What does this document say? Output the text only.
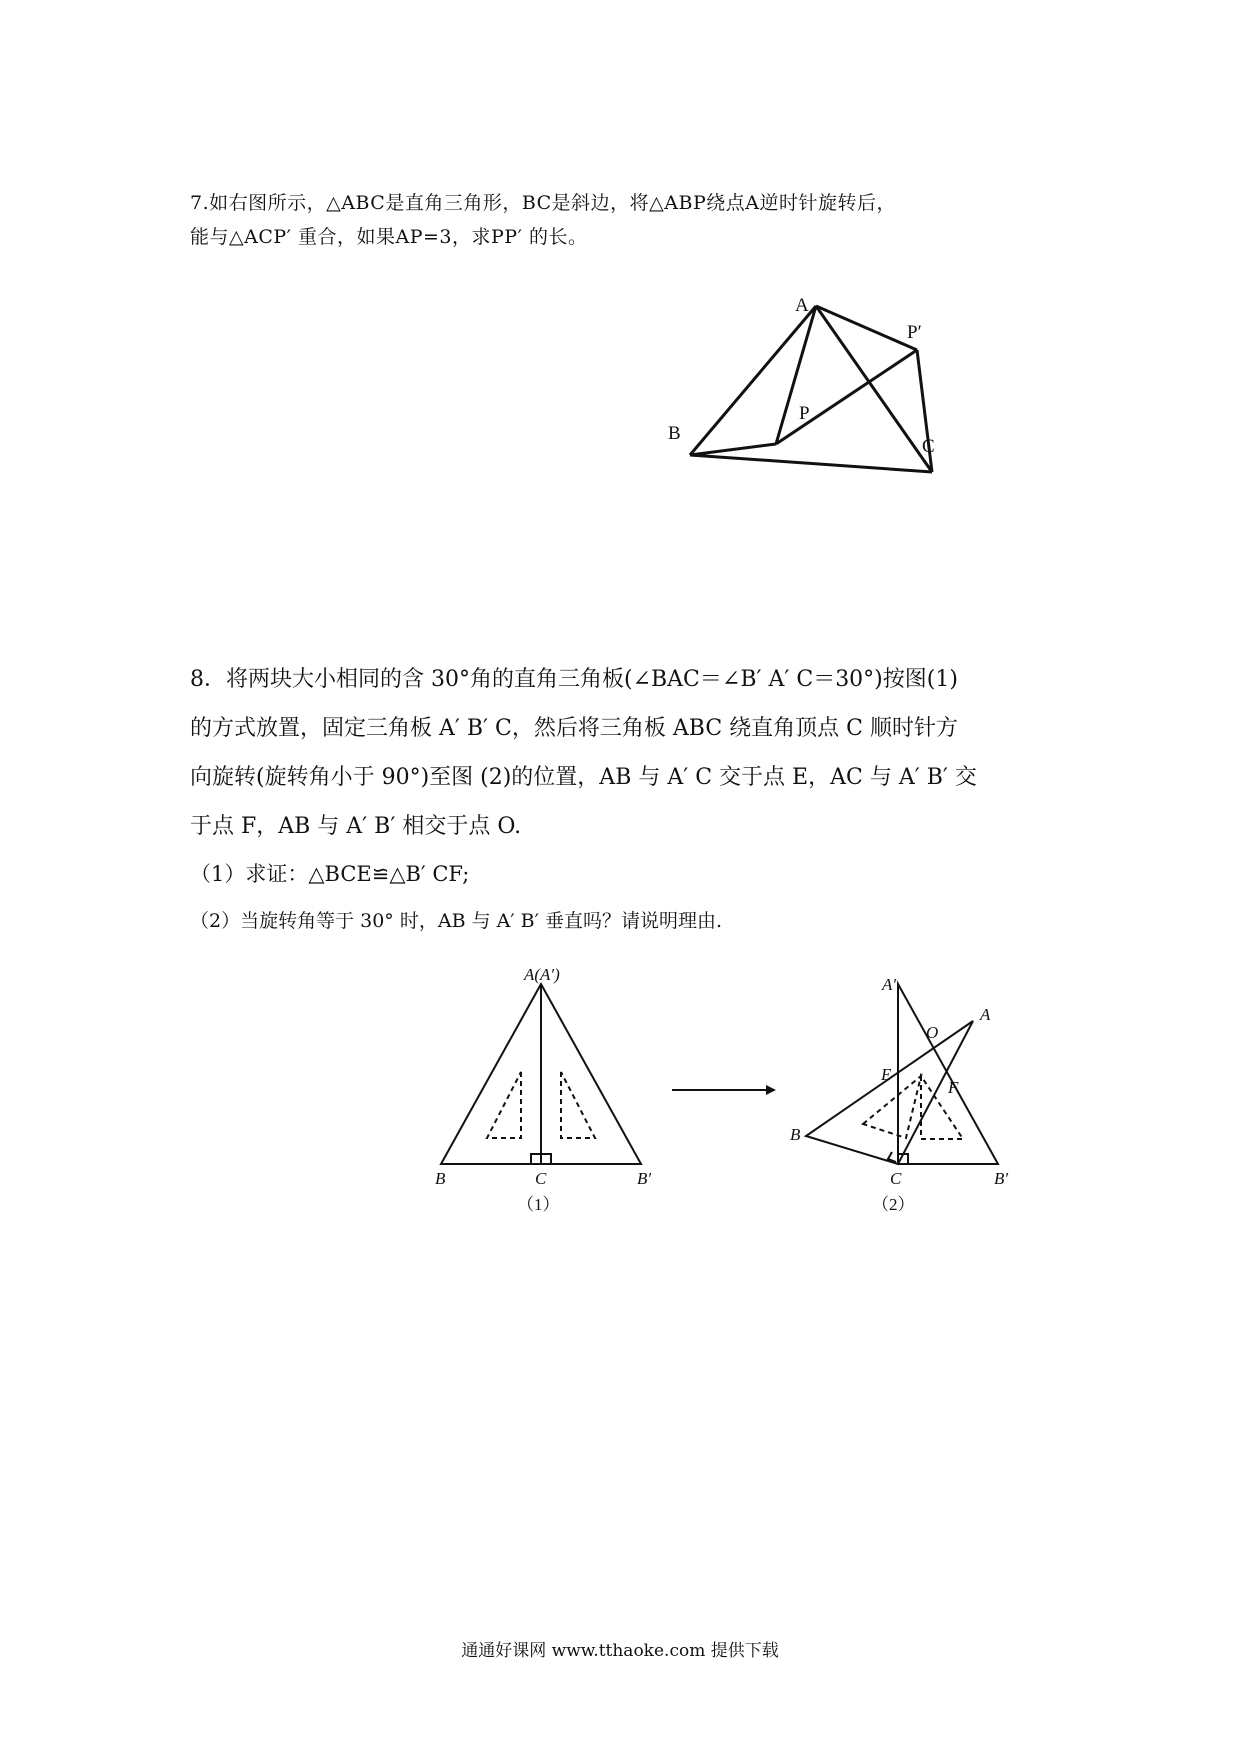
7.如右图所示，△ABC是直角三角形，BC是斜边，将△ABP绕点A逆时针旋转后，
能与△ACP′ 重合，如果AP=3，求PP′ 的长。
A
P′
P
B
C
8．将两块大小相同的含 30°角的直角三角板(∠BAC＝∠B′ A′ C＝30°)按图(1)
的方式放置，固定三角板 A′ B′ C，然后将三角板 ABC 绕直角顶点 C 顺时针方
向旋转(旋转角小于 90°)至图 (2)的位置，AB 与 A′ C 交于点 E，AC 与 A′ B′ 交
于点 F，AB 与 A′ B′ 相交于点 O.
（1）求证：△BCE≌△B′ CF;
（2）当旋转角等于 30° 时，AB 与 A′ B′ 垂直吗？请说明理由.
A(A′)
B	C	B′
（1）
A′
A
O
E
F
B
C	B′
（2）
通通好课网 www.tthaoke.com 提供下载
